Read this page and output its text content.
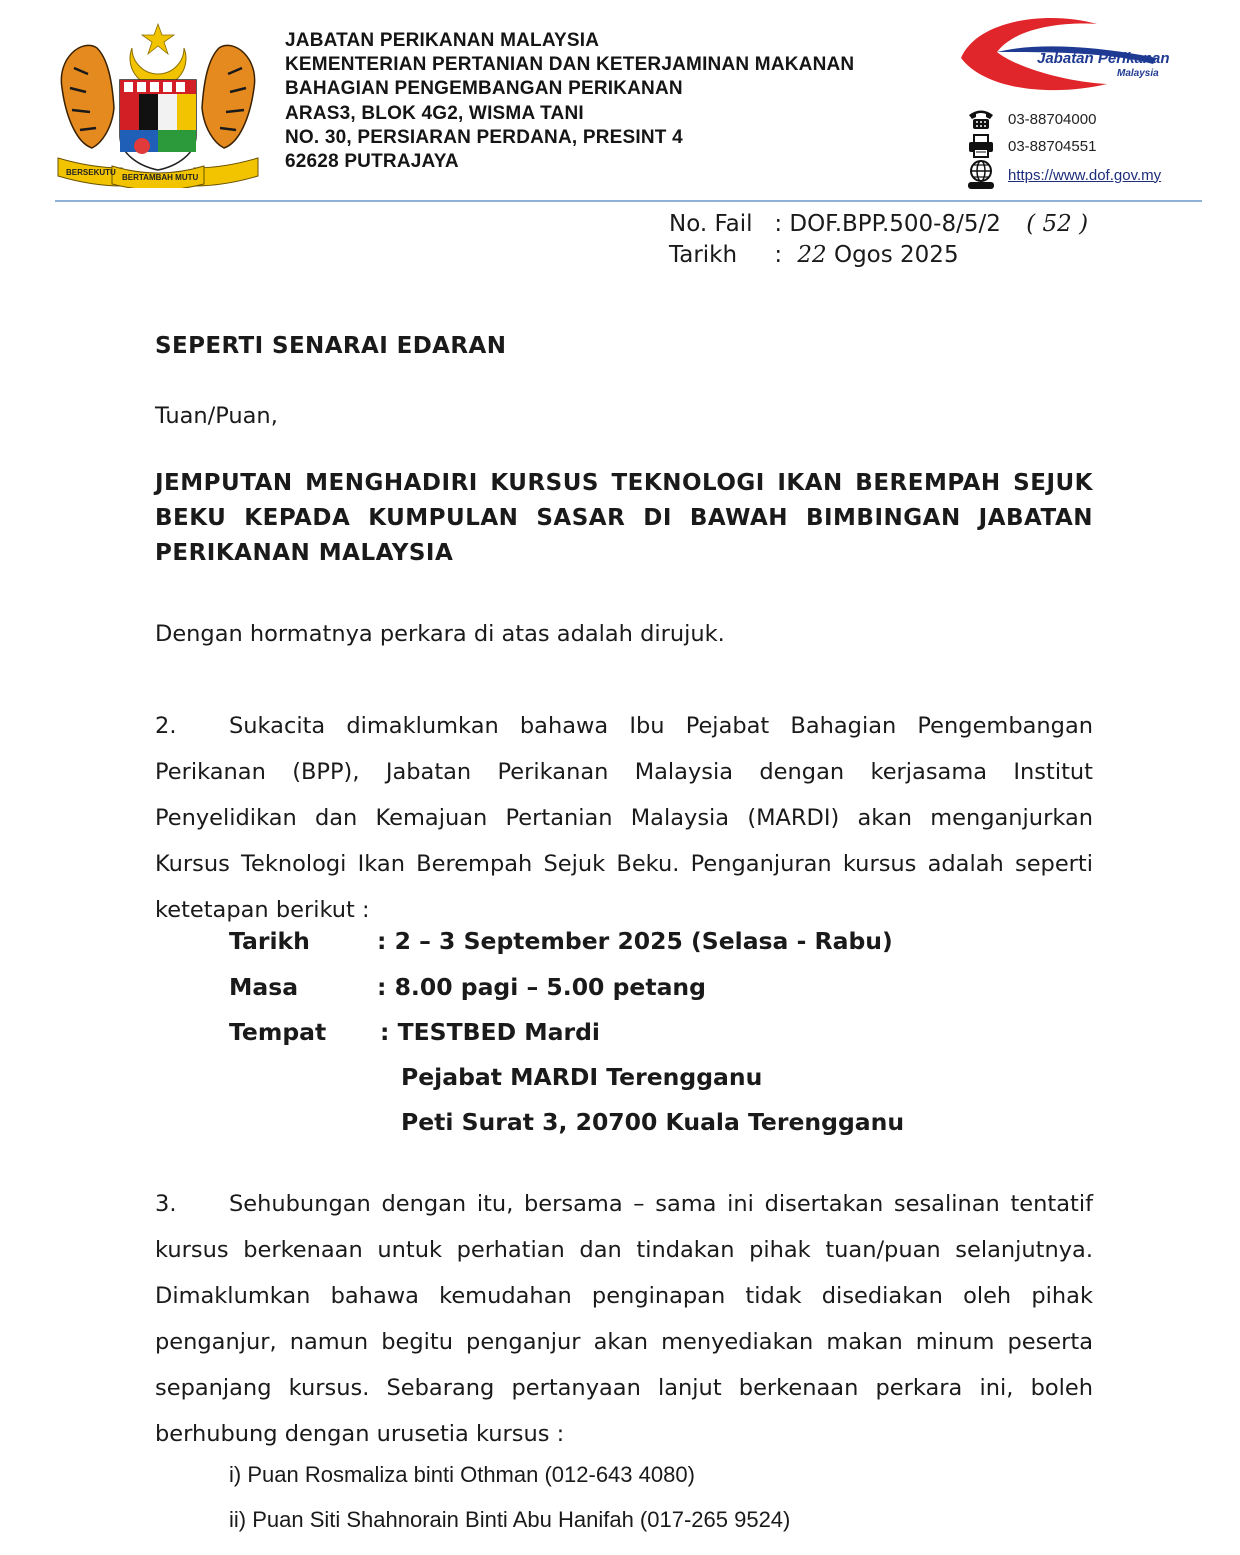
BERSEKUTU
BERTAMBAH MUTU
JABATAN PERIKANAN MALAYSIA
KEMENTERIAN PERTANIAN DAN KETERJAMINAN MAKANAN
BAHAGIAN PENGEMBANGAN PERIKANAN
ARAS3, BLOK 4G2, WISMA TANI
NO. 30, PERSIARAN PERDANA, PRESINT 4
62628 PUTRAJAYA
Jabatan Perikanan
Malaysia
03-88704000
03-88704551
https://www.dof.gov.my
No. Fail : DOF.BPP.500-8/5/2 ( 52 )
Tarikh : 22 Ogos 2025
SEPERTI SENARAI EDARAN
Tuan/Puan,
JEMPUTAN MENGHADIRI KURSUS TEKNOLOGI IKAN BEREMPAH SEJUK BEKU KEPADA KUMPULAN SASAR DI BAWAH BIMBINGAN JABATAN PERIKANAN MALAYSIA
Dengan hormatnya perkara di atas adalah dirujuk.
2. Sukacita dimaklumkan bahawa Ibu Pejabat Bahagian Pengembangan Perikanan (BPP), Jabatan Perikanan Malaysia dengan kerjasama Institut Penyelidikan dan Kemajuan Pertanian Malaysia (MARDI) akan menganjurkan Kursus Teknologi Ikan Berempah Sejuk Beku. Penganjuran kursus adalah seperti ketetapan berikut :
Tarikh	: 2 – 3 September 2025 (Selasa - Rabu)
Masa	: 8.00 pagi – 5.00 petang
Tempat : TESTBED Mardi
Pejabat MARDI Terengganu
Peti Surat 3, 20700 Kuala Terengganu
3. Sehubungan dengan itu, bersama – sama ini disertakan sesalinan tentatif kursus berkenaan untuk perhatian dan tindakan pihak tuan/puan selanjutnya. Dimaklumkan bahawa kemudahan penginapan tidak disediakan oleh pihak penganjur, namun begitu penganjur akan menyediakan makan minum peserta sepanjang kursus. Sebarang pertanyaan lanjut berkenaan perkara ini, boleh berhubung dengan urusetia kursus :
i) Puan Rosmaliza binti Othman (012-643 4080)
ii) Puan Siti Shahnorain Binti Abu Hanifah (017-265 9524)
